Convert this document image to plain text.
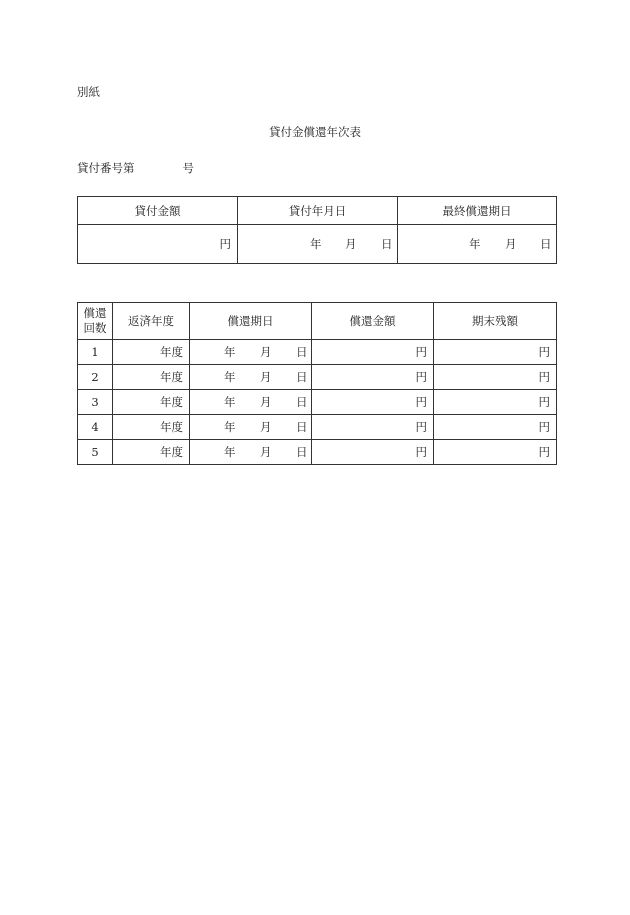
別紙
貸付金償還年次表
貸付番号第	号
貸付金額	貸付年月日	最終償還期日
円	年 月 日	年 月 日
償還
回数	返済年度	償還期日	償還金額	期末残額
1	年度	年 月 日	円	円
2	年度	年 月 日	円	円
3	年度	年 月 日	円	円
4	年度	年 月 日	円	円
5	年度	年 月 日	円	円
